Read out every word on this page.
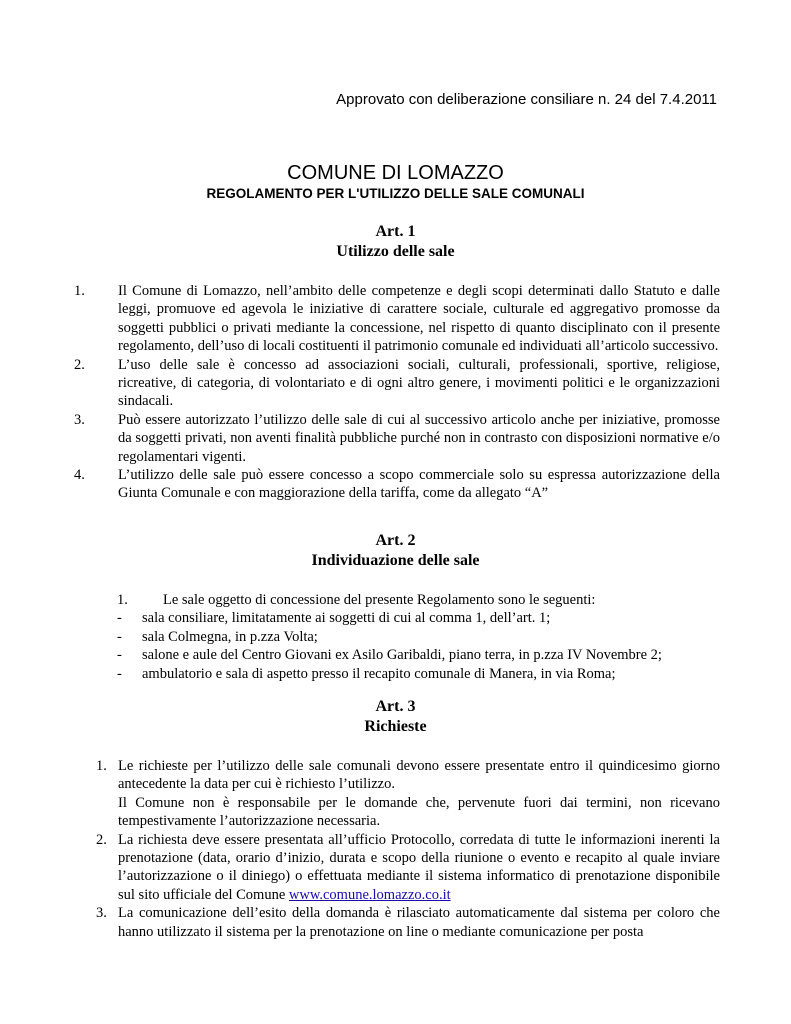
Approvato con deliberazione consiliare n. 24 del 7.4.2011
COMUNE DI LOMAZZO
REGOLAMENTO PER L'UTILIZZO DELLE SALE COMUNALI
Art. 1
Utilizzo delle sale
1. Il Comune di Lomazzo, nell’ambito delle competenze e degli scopi determinati dallo Statuto e dalle leggi, promuove ed agevola le iniziative di carattere sociale, culturale ed aggregativo promosse da soggetti pubblici o privati mediante la concessione, nel rispetto di quanto disciplinato con il presente regolamento, dell’uso di locali costituenti il patrimonio comunale ed individuati all’articolo successivo.

2. L’uso delle sale è concesso ad associazioni sociali, culturali, professionali, sportive, religiose, ricreative, di categoria, di volontariato e di ogni altro genere, i movimenti politici e le organizzazioni sindacali.

3. Può essere autorizzato l’utilizzo delle sale di cui al successivo articolo anche per iniziative, promosse da soggetti privati, non aventi finalità pubbliche purché non in contrasto con disposizioni normative e/o regolamentari vigenti.

4. L’utilizzo delle sale può essere concesso a scopo commerciale solo su espressa autorizzazione della Giunta Comunale e con maggiorazione della tariffa, come da allegato “A”

Art. 2
Individuazione delle sale
1. Le sale oggetto di concessione del presente Regolamento sono le seguenti:
- sala consiliare, limitatamente ai soggetti di cui al comma 1, dell’art. 1;
- sala Colmegna, in p.zza Volta;
- salone e aule del Centro Giovani ex Asilo Garibaldi, piano terra, in p.zza IV Novembre 2;
- ambulatorio e sala di aspetto presso il recapito comunale di Manera, in via Roma;
Art. 3
Richieste
1. Le richieste per l’utilizzo delle sale comunali devono essere presentate entro il quindicesimo giorno antecedente la data per cui è richiesto l’utilizzo.

Il Comune non è responsabile per le domande che, pervenute fuori dai termini, non ricevano tempestivamente l’autorizzazione necessaria.

2. La richiesta deve essere presentata all’ufficio Protocollo, corredata di tutte le informazioni inerenti la prenotazione (data, orario d’inizio, durata e scopo della riunione o evento e recapito al quale inviare l’autorizzazione o il diniego) o effettuata mediante il sistema informatico di prenotazione disponibile sul sito ufficiale del Comune www.comune.lomazzo.co.it

3. La comunicazione dell’esito della domanda è rilasciato automaticamente dal sistema per coloro che hanno utilizzato il sistema per la prenotazione on line o mediante comunicazione per posta
